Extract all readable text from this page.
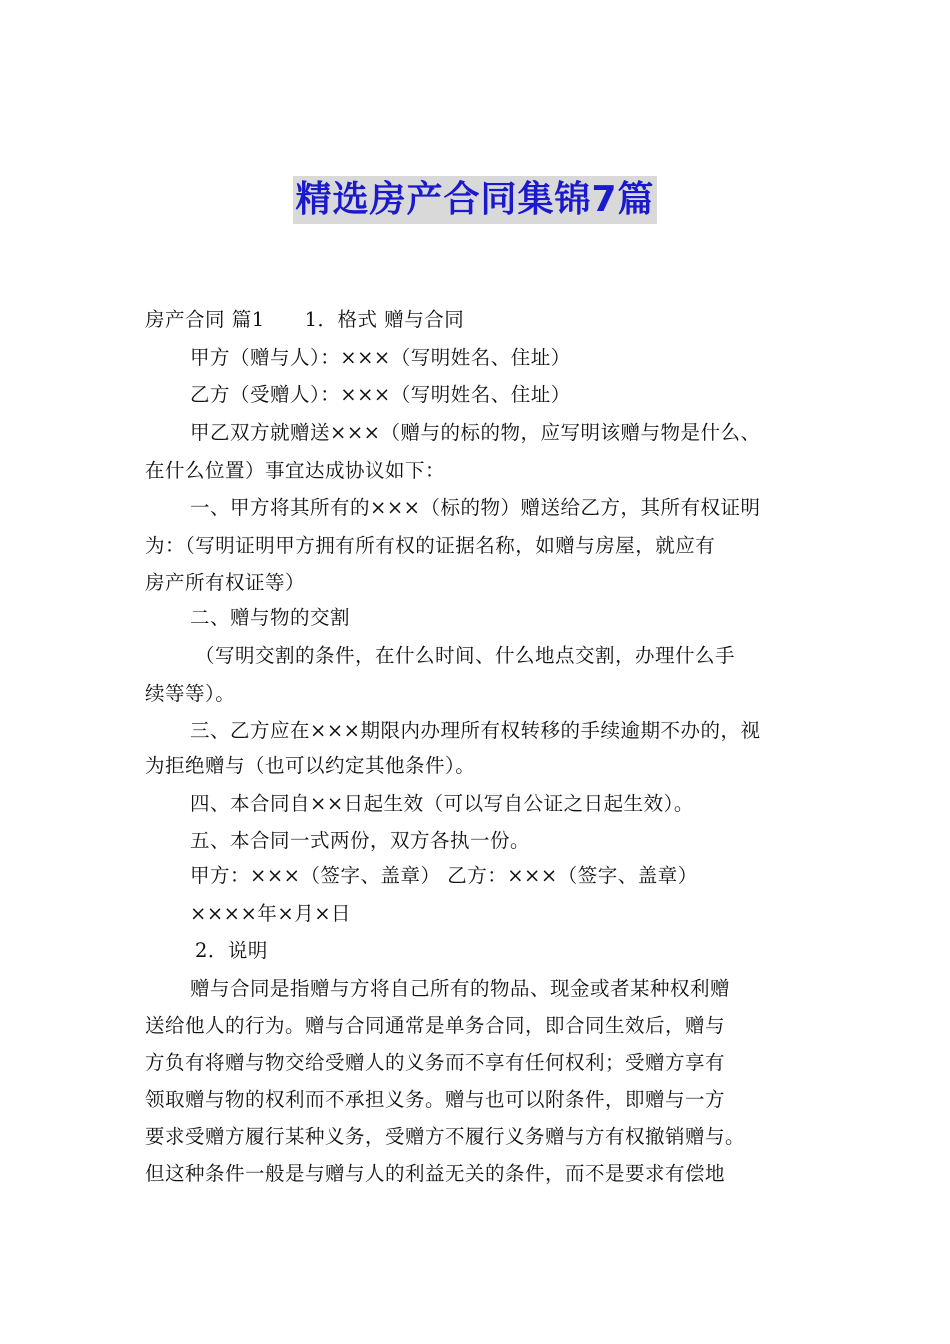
精选房产合同集锦7篇
房产合同 篇1 1．格式 赠与合同
甲方（赠与人）：×××（写明姓名、住址）
乙方（受赠人）：×××（写明姓名、住址）
甲乙双方就赠送×××（赠与的标的物，应写明该赠与物是什么、
在什么位置）事宜达成协议如下：
一、甲方将其所有的×××（标的物）赠送给乙方，其所有权证明
为：（写明证明甲方拥有所有权的证据名称，如赠与房屋，就应有
房产所有权证等）
二、赠与物的交割
（写明交割的条件，在什么时间、什么地点交割，办理什么手
续等等）。
三、乙方应在×××期限内办理所有权转移的手续逾期不办的，视
为拒绝赠与（也可以约定其他条件）。
四、本合同自××日起生效（可以写自公证之日起生效）。
五、本合同一式两份，双方各执一份。
甲方：×××（签字、盖章） 乙方：×××（签字、盖章）
××××年×月×日
2．说明
赠与合同是指赠与方将自己所有的物品、现金或者某种权利赠
送给他人的行为。赠与合同通常是单务合同，即合同生效后，赠与
方负有将赠与物交给受赠人的义务而不享有任何权利；受赠方享有
领取赠与物的权利而不承担义务。赠与也可以附条件，即赠与一方
要求受赠方履行某种义务，受赠方不履行义务赠与方有权撤销赠与。
但这种条件一般是与赠与人的利益无关的条件，而不是要求有偿地
